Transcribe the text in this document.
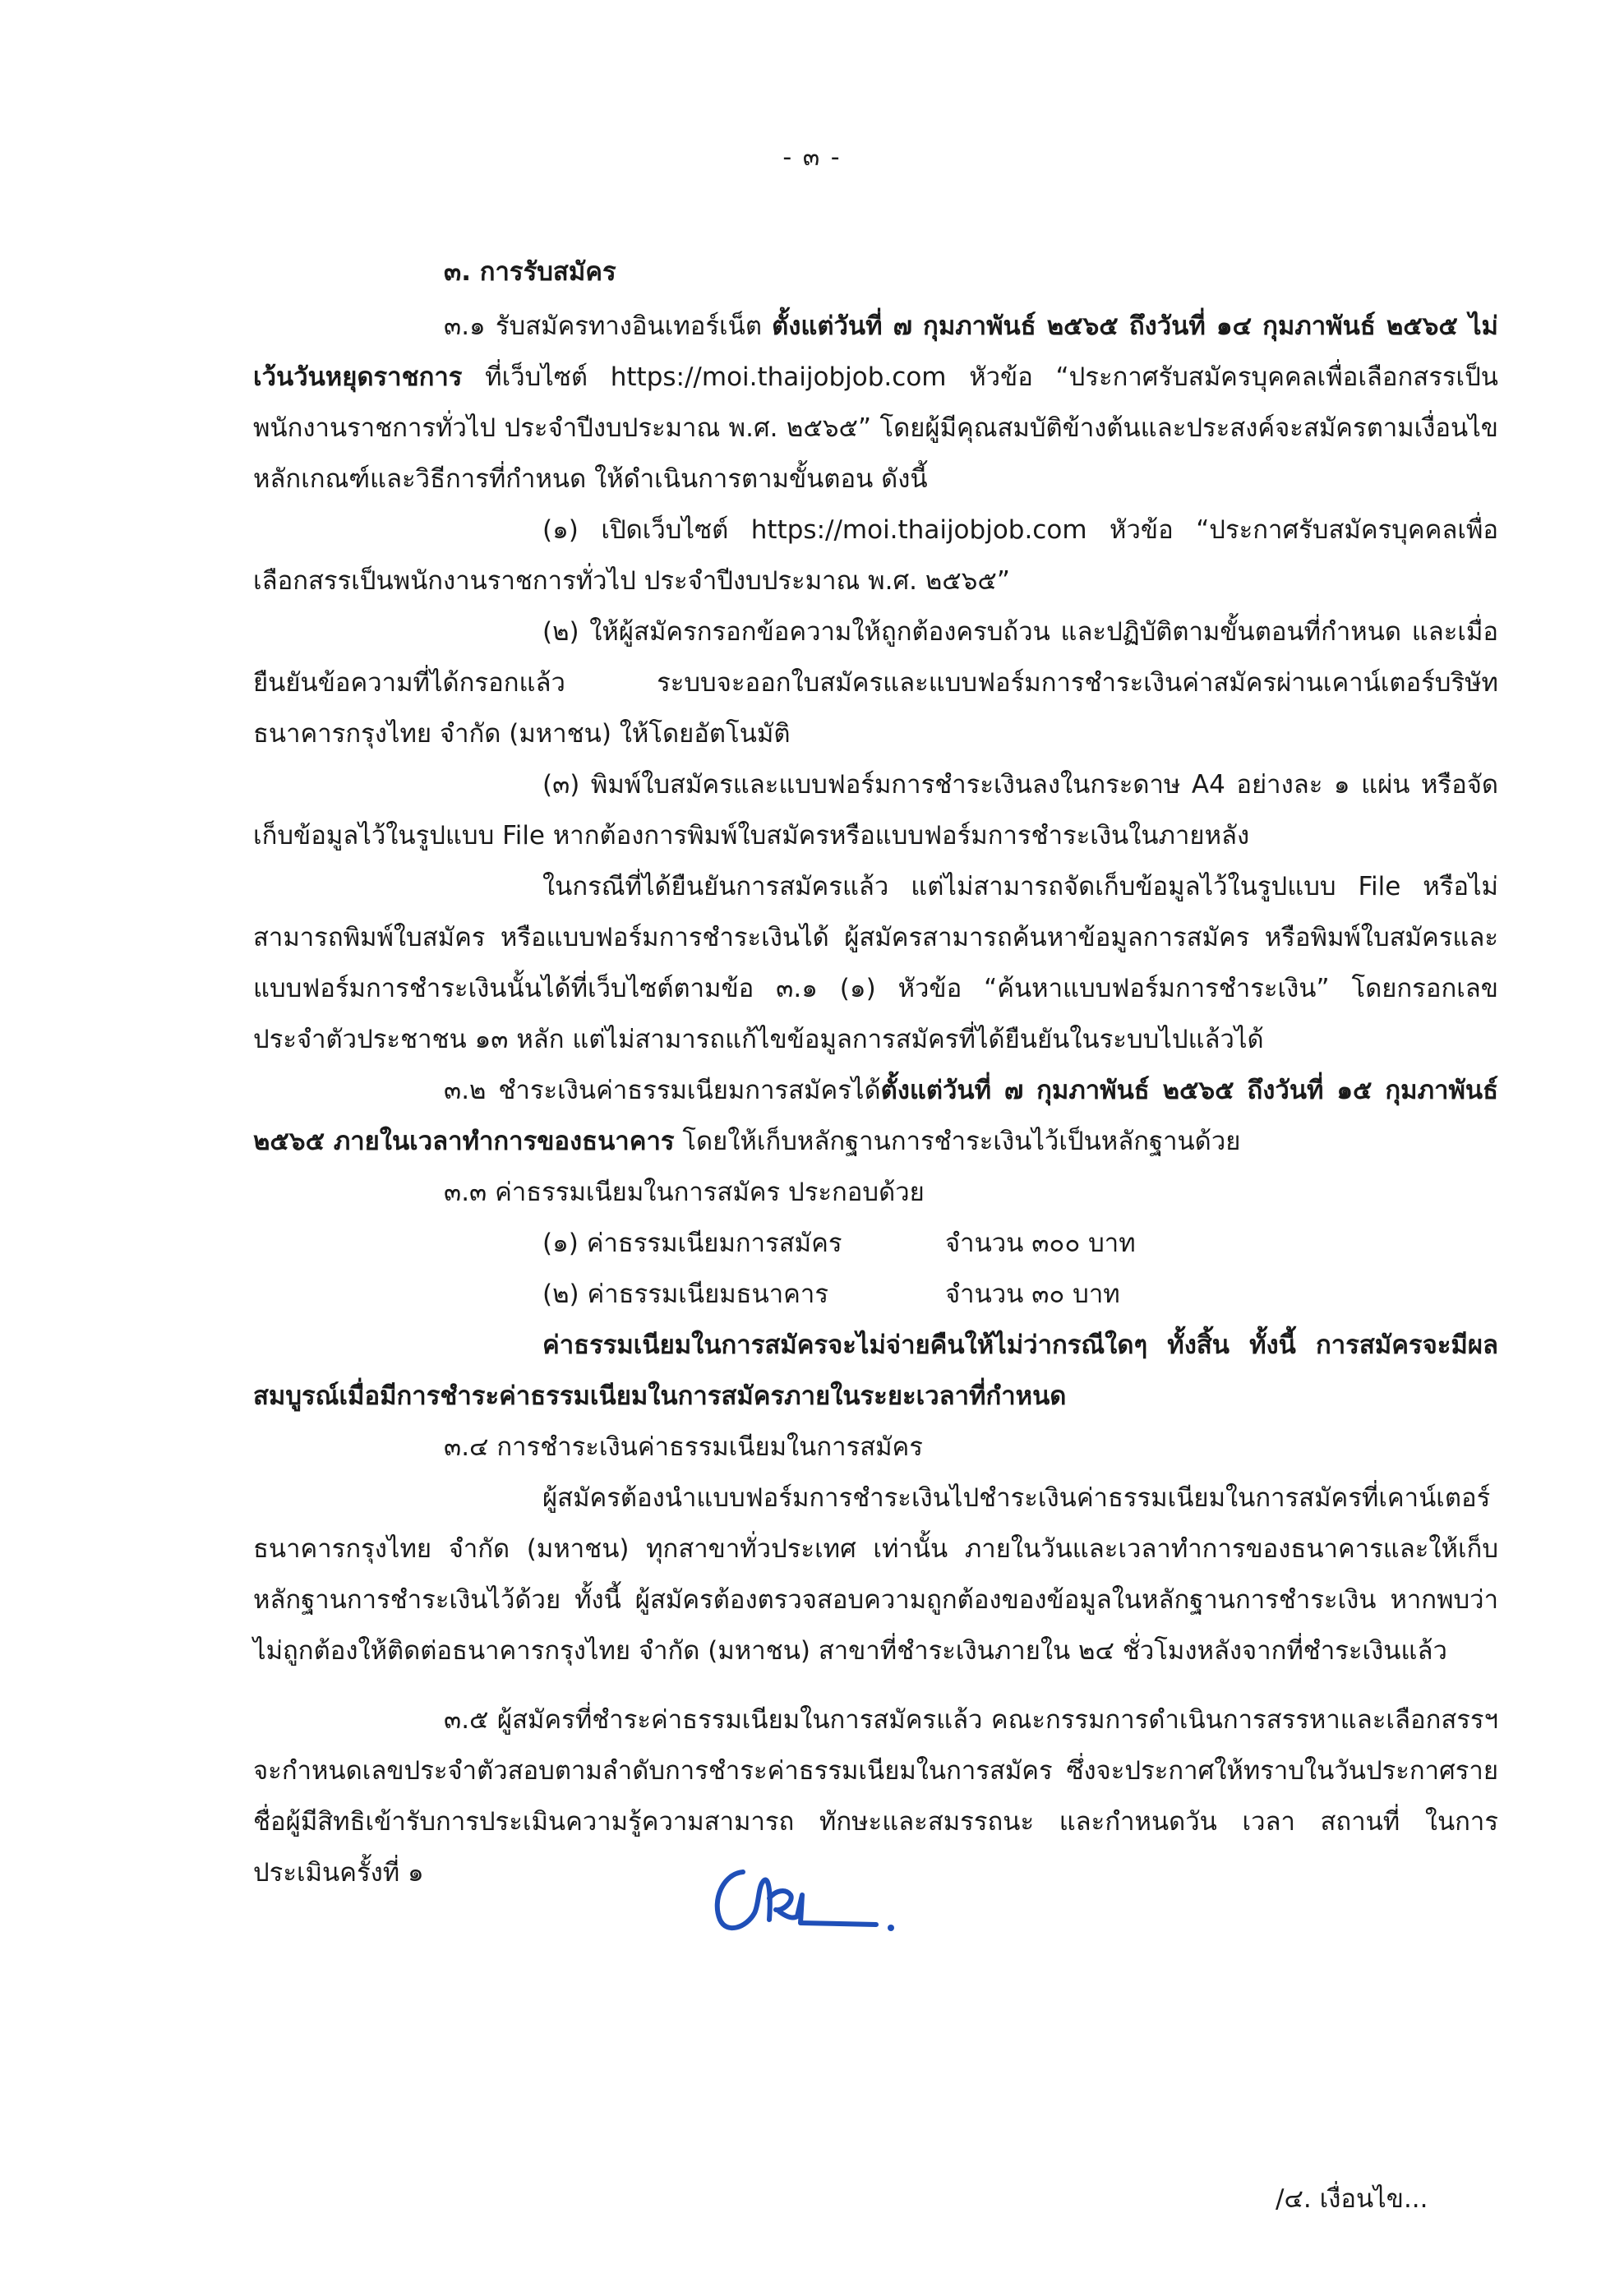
- ๓ -

๓. การรับสมัคร

๓.๑ รับสมัครทางอินเทอร์เน็ต ตั้งแต่วันที่ ๗ กุมภาพันธ์ ๒๕๖๕ ถึงวันที่ ๑๔ กุมภาพันธ์ ๒๕๖๕ ไม่เว้นวันหยุดราชการ ที่เว็บไซต์ https://moi.thaijobjob.com หัวข้อ “ประกาศรับสมัครบุคคลเพื่อเลือกสรรเป็นพนักงานราชการทั่วไป ประจำปีงบประมาณ พ.ศ. ๒๕๖๕” โดยผู้มีคุณสมบัติข้างต้นและประสงค์จะสมัครตามเงื่อนไข หลักเกณฑ์และวิธีการที่กำหนด ให้ดำเนินการตามขั้นตอน ดังนี้

(๑) เปิดเว็บไซต์ https://moi.thaijobjob.com หัวข้อ “ประกาศรับสมัครบุคคลเพื่อเลือกสรรเป็นพนักงานราชการทั่วไป ประจำปีงบประมาณ พ.ศ. ๒๕๖๕”

(๒) ให้ผู้สมัครกรอกข้อความให้ถูกต้องครบถ้วน และปฏิบัติตามขั้นตอนที่กำหนด และเมื่อยืนยันข้อความที่ได้กรอกแล้ว ระบบจะออกใบสมัครและแบบฟอร์มการชำระเงินค่าสมัครผ่านเคาน์เตอร์บริษัท ธนาคารกรุงไทย จำกัด (มหาชน) ให้โดยอัตโนมัติ

(๓) พิมพ์ใบสมัครและแบบฟอร์มการชำระเงินลงในกระดาษ A4 อย่างละ ๑ แผ่น หรือจัดเก็บข้อมูลไว้ในรูปแบบ File หากต้องการพิมพ์ใบสมัครหรือแบบฟอร์มการชำระเงินในภายหลัง

ในกรณีที่ได้ยืนยันการสมัครแล้ว แต่ไม่สามารถจัดเก็บข้อมูลไว้ในรูปแบบ File หรือไม่สามารถพิมพ์ใบสมัคร หรือแบบฟอร์มการชำระเงินได้ ผู้สมัครสามารถค้นหาข้อมูลการสมัคร หรือพิมพ์ใบสมัครและแบบฟอร์มการชำระเงินนั้นได้ที่เว็บไซต์ตามข้อ ๓.๑ (๑) หัวข้อ “ค้นหาแบบฟอร์มการชำระเงิน” โดยกรอกเลขประจำตัวประชาชน ๑๓ หลัก แต่ไม่สามารถแก้ไขข้อมูลการสมัครที่ได้ยืนยันในระบบไปแล้วได้

๓.๒ ชำระเงินค่าธรรมเนียมการสมัครได้ตั้งแต่วันที่ ๗ กุมภาพันธ์ ๒๕๖๕ ถึงวันที่ ๑๕ กุมภาพันธ์ ๒๕๖๕ ภายในเวลาทำการของธนาคาร โดยให้เก็บหลักฐานการชำระเงินไว้เป็นหลักฐานด้วย

๓.๓ ค่าธรรมเนียมในการสมัคร ประกอบด้วย

(๑) ค่าธรรมเนียมการสมัคร	จำนวน ๓๐๐ บาท
(๒) ค่าธรรมเนียมธนาคาร	จำนวน ๓๐ บาท

ค่าธรรมเนียมในการสมัครจะไม่จ่ายคืนให้ไม่ว่ากรณีใดๆ ทั้งสิ้น ทั้งนี้ การสมัครจะมีผลสมบูรณ์เมื่อมีการชำระค่าธรรมเนียมในการสมัครภายในระยะเวลาที่กำหนด

๓.๔ การชำระเงินค่าธรรมเนียมในการสมัคร

ผู้สมัครต้องนำแบบฟอร์มการชำระเงินไปชำระเงินค่าธรรมเนียมในการสมัครที่เคาน์เตอร์ธนาคารกรุงไทย จำกัด (มหาชน) ทุกสาขาทั่วประเทศ เท่านั้น ภายในวันและเวลาทำการของธนาคารและให้เก็บหลักฐานการชำระเงินไว้ด้วย ทั้งนี้ ผู้สมัครต้องตรวจสอบความถูกต้องของข้อมูลในหลักฐานการชำระเงิน หากพบว่าไม่ถูกต้องให้ติดต่อธนาคารกรุงไทย จำกัด (มหาชน) สาขาที่ชำระเงินภายใน ๒๔ ชั่วโมงหลังจากที่ชำระเงินแล้ว

๓.๕ ผู้สมัครที่ชำระค่าธรรมเนียมในการสมัครแล้ว คณะกรรมการดำเนินการสรรหาและเลือกสรรฯ จะกำหนดเลขประจำตัวสอบตามลำดับการชำระค่าธรรมเนียมในการสมัคร ซึ่งจะประกาศให้ทราบในวันประกาศรายชื่อผู้มีสิทธิเข้ารับการประเมินความรู้ความสามารถ ทักษะและสมรรถนะ และกำหนดวัน เวลา สถานที่ ในการประเมินครั้งที่ ๑

/๔. เงื่อนไข...
